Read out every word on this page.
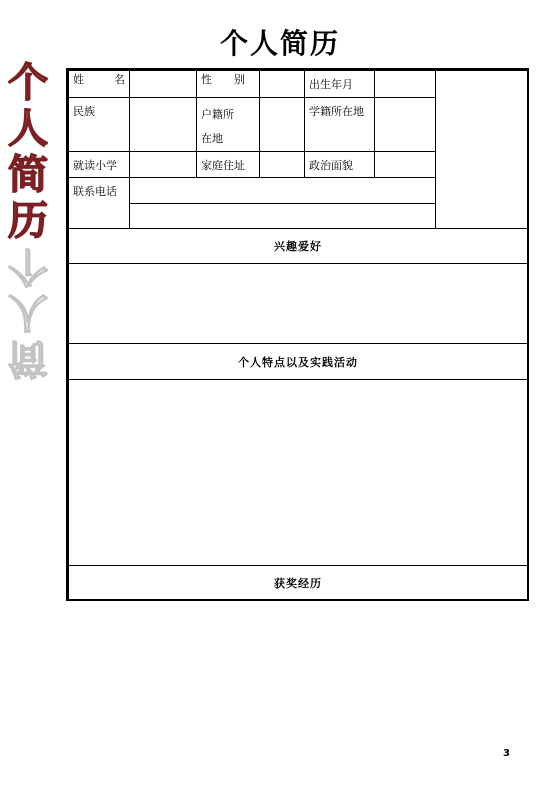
个人简历
个
人
简
历
简
人
个
姓 名		性 别		出生年月		
民族		户籍所在地		学籍所在地		
就读小学		家庭住址		政治面貌		
联系电话						

兴趣爱好						

个人特点以及实践活动						

获奖经历						
3
